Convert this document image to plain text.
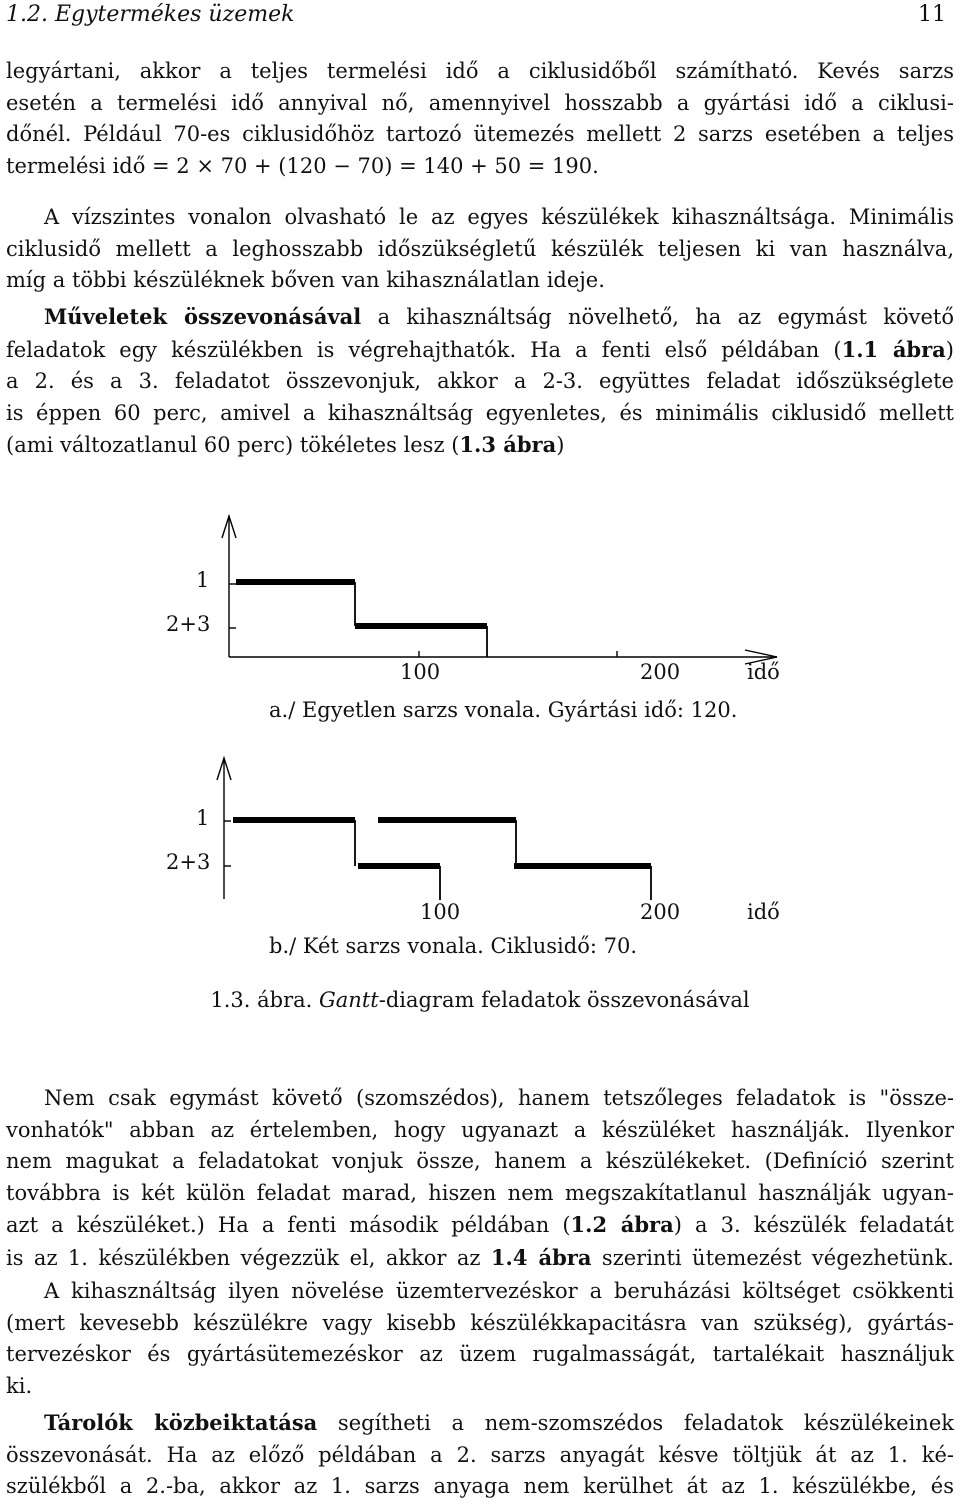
1.2. Egytermékes üzemek	11
legyártani, akkor a teljes termelési idő a ciklusidőből számítható. Kevés sarzs
esetén a termelési idő annyival nő, amennyivel hosszabb a gyártási idő a ciklusi-
dőnél. Például 70-es ciklusidőhöz tartozó ütemezés mellett 2 sarzs esetében a teljes
termelési idő = 2 × 70 + (120 − 70) = 140 + 50 = 190.
A vízszintes vonalon olvasható le az egyes készülékek kihasználtsága. Minimális
ciklusidő mellett a leghosszabb időszükségletű készülék teljesen ki van használva,
míg a többi készüléknek bőven van kihasználatlan ideje.
Műveletek összevonásával a kihasználtság növelhető, ha az egymást követő
feladatok egy készülékben is végrehajthatók. Ha a fenti első példában (1.1 ábra)
a 2. és a 3. feladatot összevonjuk, akkor a 2-3. együttes feladat időszükséglete
is éppen 60 perc, amivel a kihasználtság egyenletes, és minimális ciklusidő mellett
(ami változatlanul 60 perc) tökéletes lesz (1.3 ábra)
1
2+3
100	200	idő
a./ Egyetlen sarzs vonala. Gyártási idő: 120.
1
2+3
100	200	idő
b./ Két sarzs vonala. Ciklusidő: 70.
1.3. ábra. Gantt-diagram feladatok összevonásával
Nem csak egymást követő (szomszédos), hanem tetszőleges feladatok is "össze-
vonhatók" abban az értelemben, hogy ugyanazt a készüléket használják. Ilyenkor
nem magukat a feladatokat vonjuk össze, hanem a készülékeket. (Definíció szerint
továbbra is két külön feladat marad, hiszen nem megszakítatlanul használják ugyan-
azt a készüléket.) Ha a fenti második példában (1.2 ábra) a 3. készülék feladatát
is az 1. készülékben végezzük el, akkor az 1.4 ábra szerinti ütemezést végezhetünk.
A kihasználtság ilyen növelése üzemtervezéskor a beruházási költséget csökkenti
(mert kevesebb készülékre vagy kisebb készülékkapacitásra van szükség), gyártás-
tervezéskor és gyártásütemezéskor az üzem rugalmasságát, tartalékait használjuk
ki.
Tárolók közbeiktatása segítheti a nem-szomszédos feladatok készülékeinek
összevonását. Ha az előző példában a 2. sarzs anyagát késve töltjük át az 1. ké-
szülékből a 2.-ba, akkor az 1. sarzs anyaga nem kerülhet át az 1. készülékbe, és
